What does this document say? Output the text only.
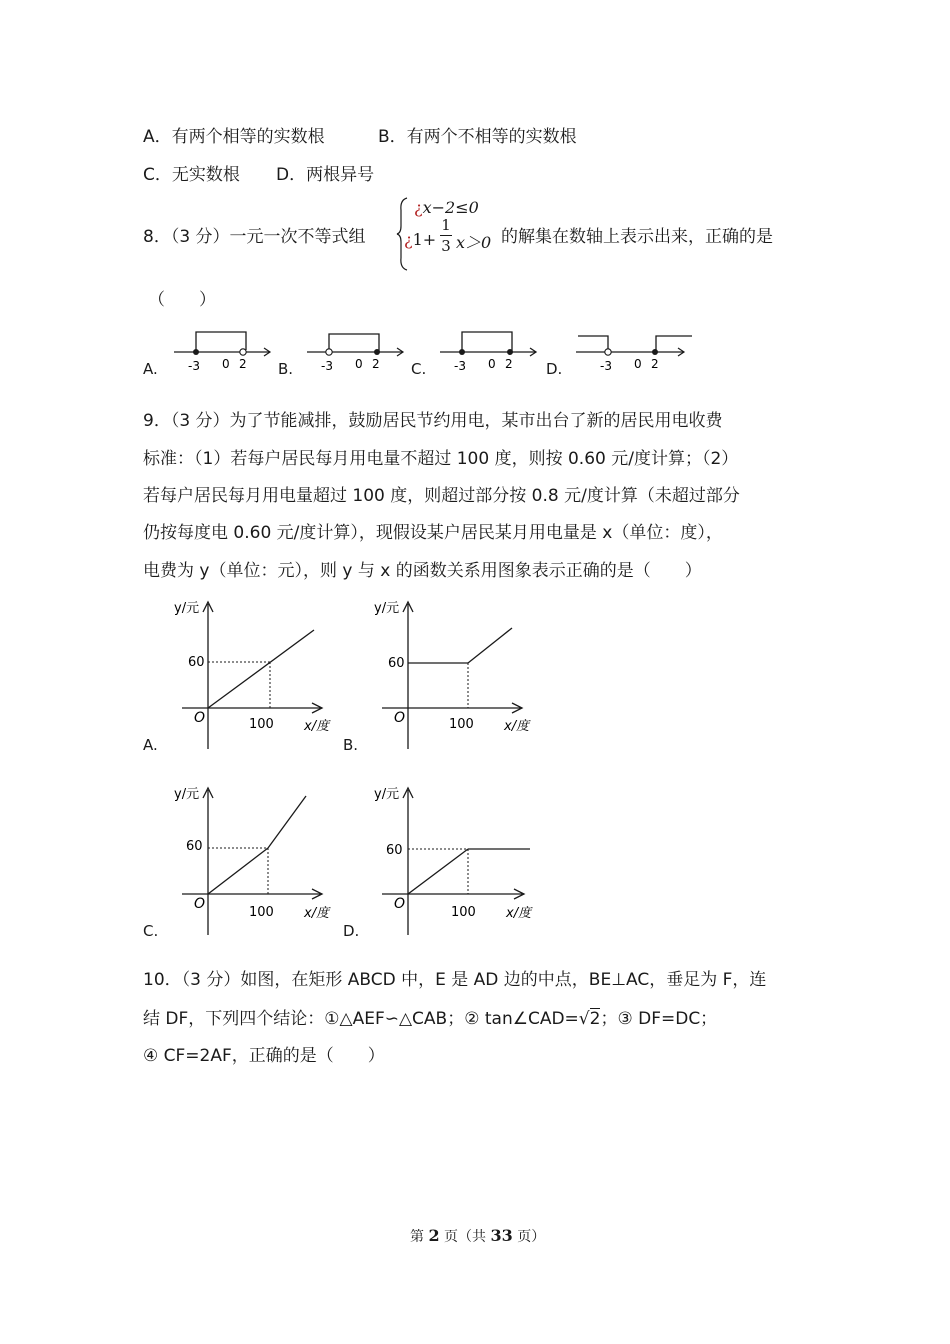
A．有两个相等的实数根	B．有两个不相等的实数根
C．无实数根 D．两根异号
8．（3 分）一元一次不等式组
¿x−2≤0
¿1+
1
3 x＞0 的解集在数轴上表示出来，正确的是
（　　）
A.	-3 0 2 B. -3 0 2 C. -3 0 2 D.	-3 0 2
9．（3 分）为了节能减排，鼓励居民节约用电，某市出台了新的居民用电收费
标准：（1）若每户居民每月用电量不超过 100 度，则按 0.60 元/度计算；（2）
若每户居民每月用电量超过 100 度，则超过部分按 0.8 元/度计算（未超过部分
仍按每度电 0.60 元/度计算），现假设某户居民某月用电量是 x（单位：度），
电费为 y（单位：元），则 y 与 x 的函数关系用图象表示正确的是（　　）
A.
y/元
60
O	100 x/度
B.
y/元
60
O	100 x/度
C.
y/元
60
O
100 x/度
D.
y/元
60
O
100 x/度
10．（3 分）如图，在矩形 ABCD 中，E 是 AD 边的中点，BE⊥AC，垂足为 F，连
结 DF，下列四个结论：①△AEF∽△CAB；② tan∠CAD=√2；③ DF=DC；
④ CF=2AF，正确的是（　　）
第 2 页（共 33 页）
